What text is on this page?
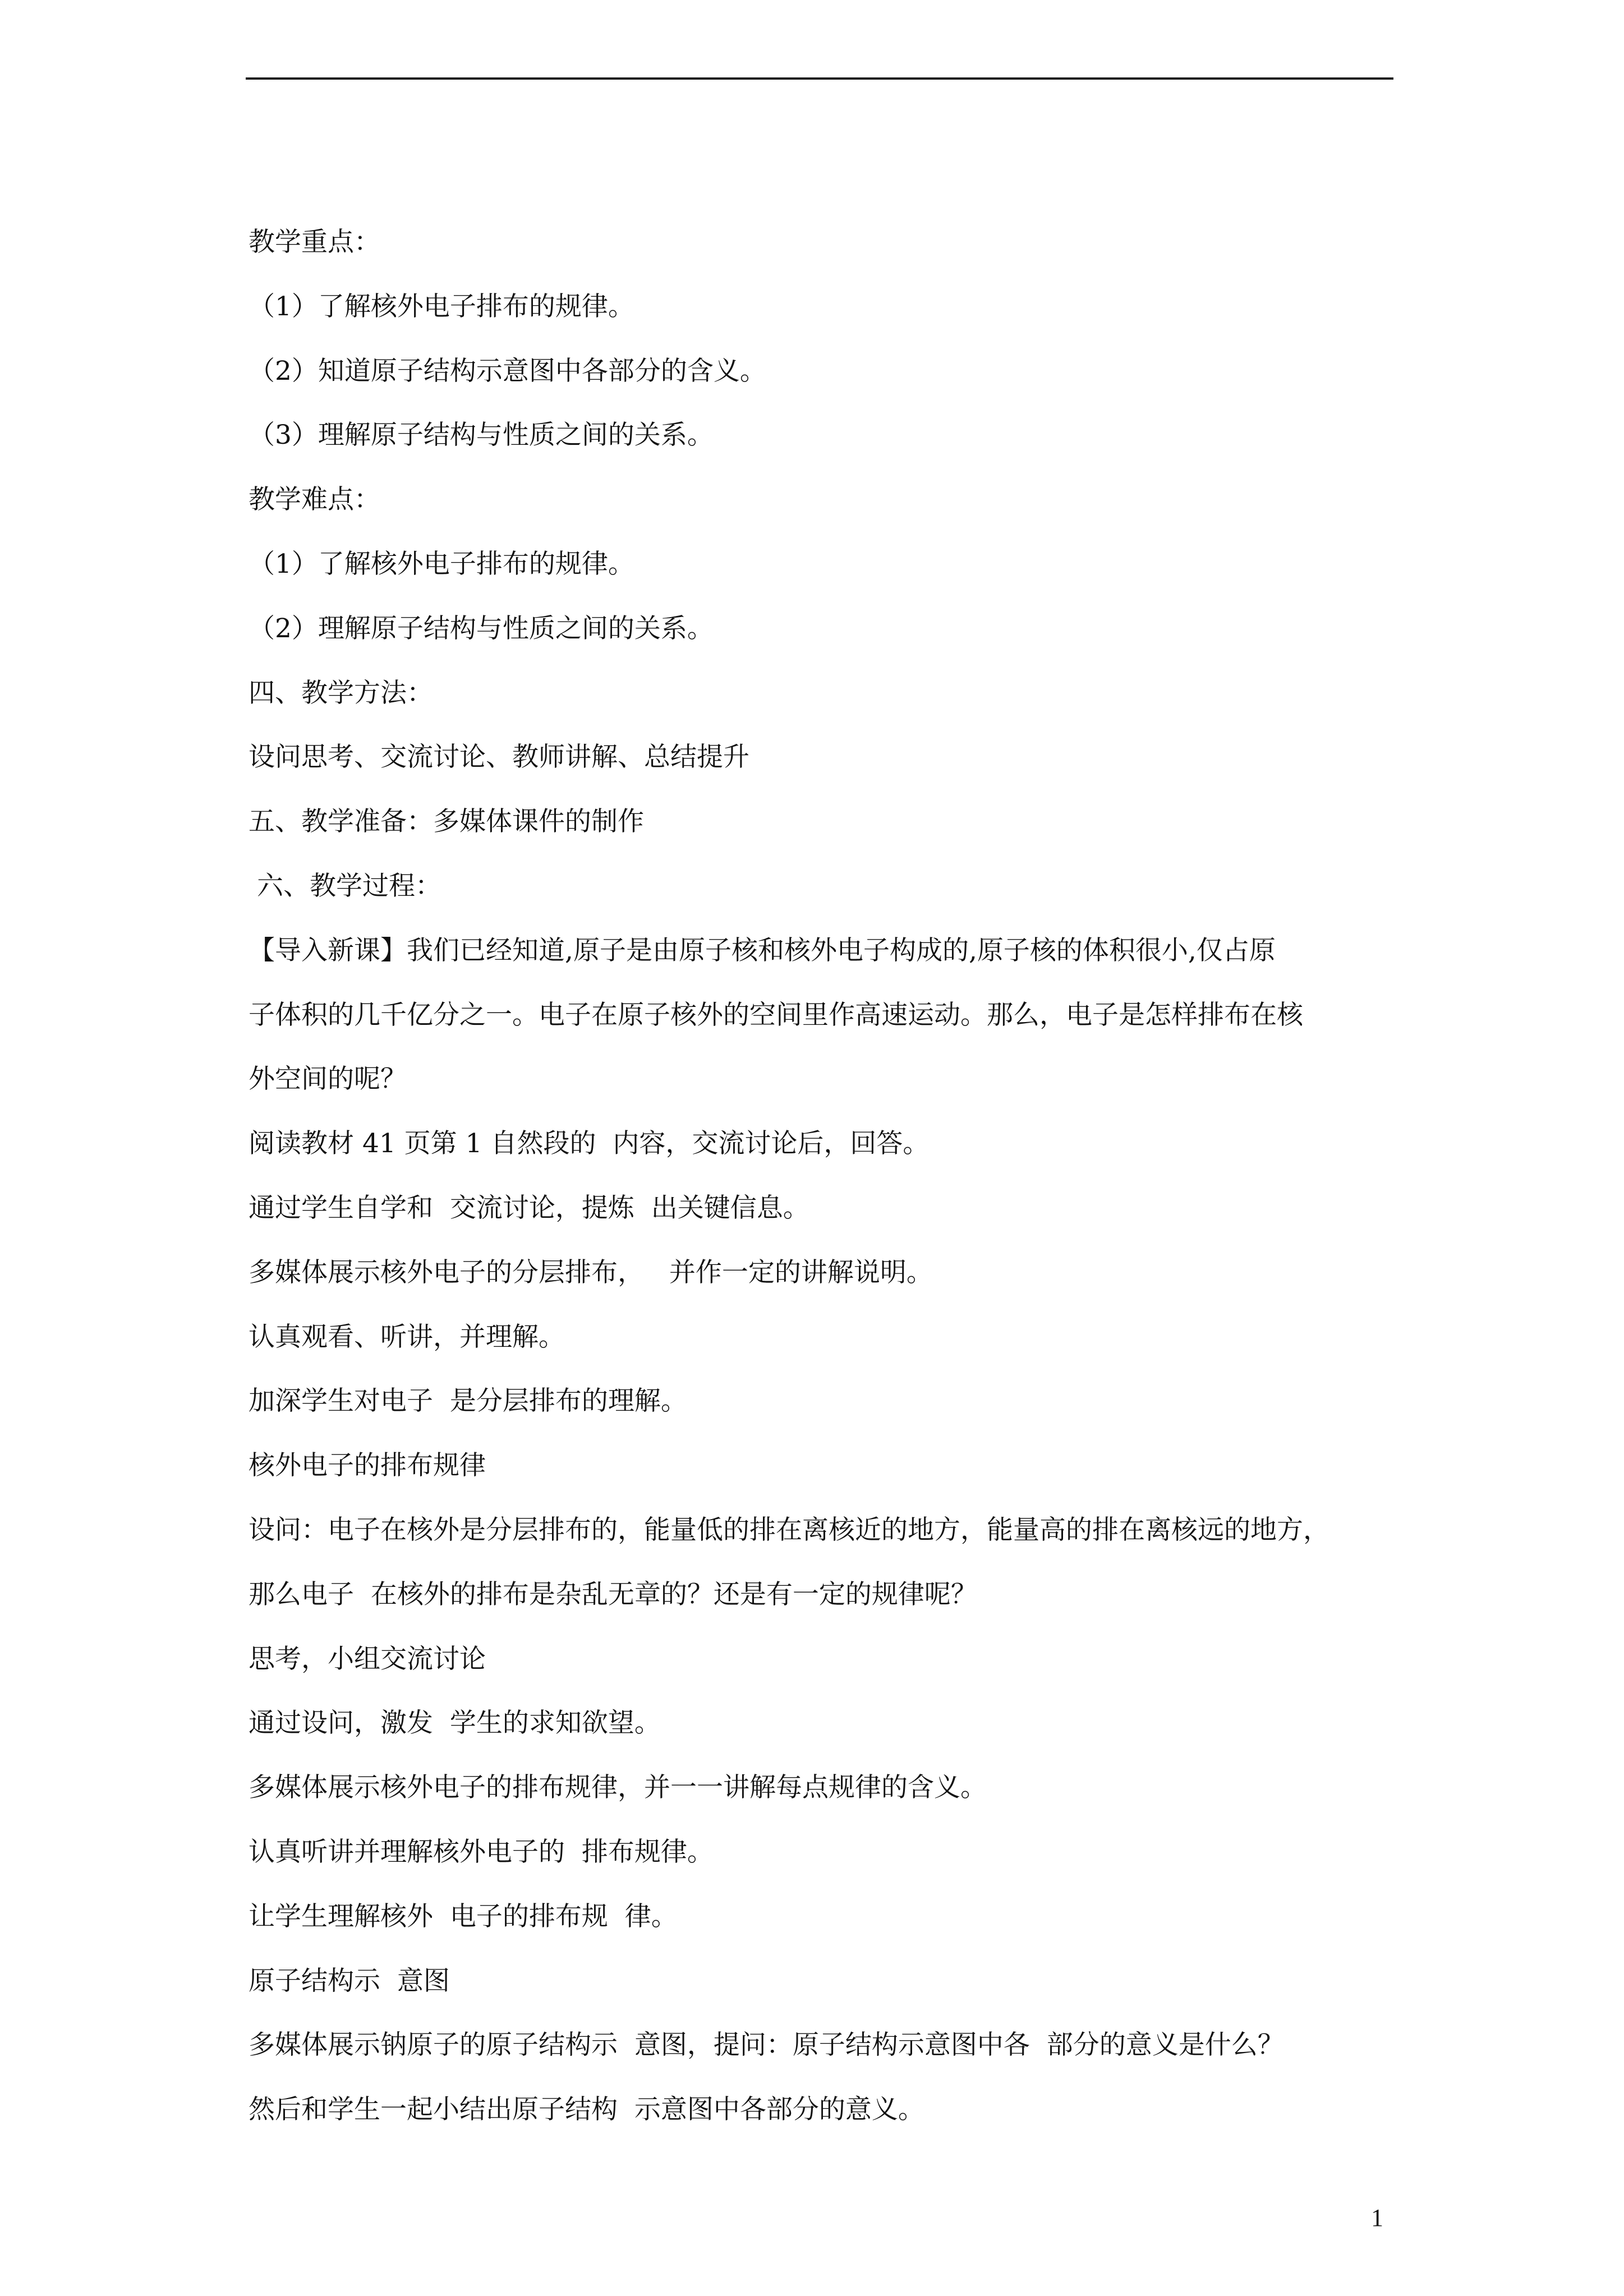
教学重点：
（1）了解核外电子排布的规律。
（2）知道原子结构示意图中各部分的含义。
（3）理解原子结构与性质之间的关系。
教学难点：
（1）了解核外电子排布的规律。
（2）理解原子结构与性质之间的关系。
四、教学方法：
设问思考、交流讨论、教师讲解、总结提升
五、教学准备：多媒体课件的制作
六、教学过程：
【导入新课】我们已经知道,原子是由原子核和核外电子构成的,原子核的体积很小,仅占原
子体积的几千亿分之一。电子在原子核外的空间里作高速运动。那么，电子是怎样排布在核
外空间的呢？
阅读教材 41 页第 1 自然段的  内容，交流讨论后，回答。
通过学生自学和  交流讨论，提炼  出关键信息。
多媒体展示核外电子的分层排布，   并作一定的讲解说明。
认真观看、听讲，并理解。
加深学生对电子  是分层排布的理解。
核外电子的排布规律
设问：电子在核外是分层排布的，能量低的排在离核近的地方，能量高的排在离核远的地方，
那么电子  在核外的排布是杂乱无章的？还是有一定的规律呢？
思考，小组交流讨论
通过设问，激发  学生的求知欲望。
多媒体展示核外电子的排布规律，并一一讲解每点规律的含义。
认真听讲并理解核外电子的  排布规律。
让学生理解核外  电子的排布规  律。
原子结构示  意图
多媒体展示钠原子的原子结构示  意图，提问：原子结构示意图中各  部分的意义是什么？
然后和学生一起小结出原子结构  示意图中各部分的意义。
1
